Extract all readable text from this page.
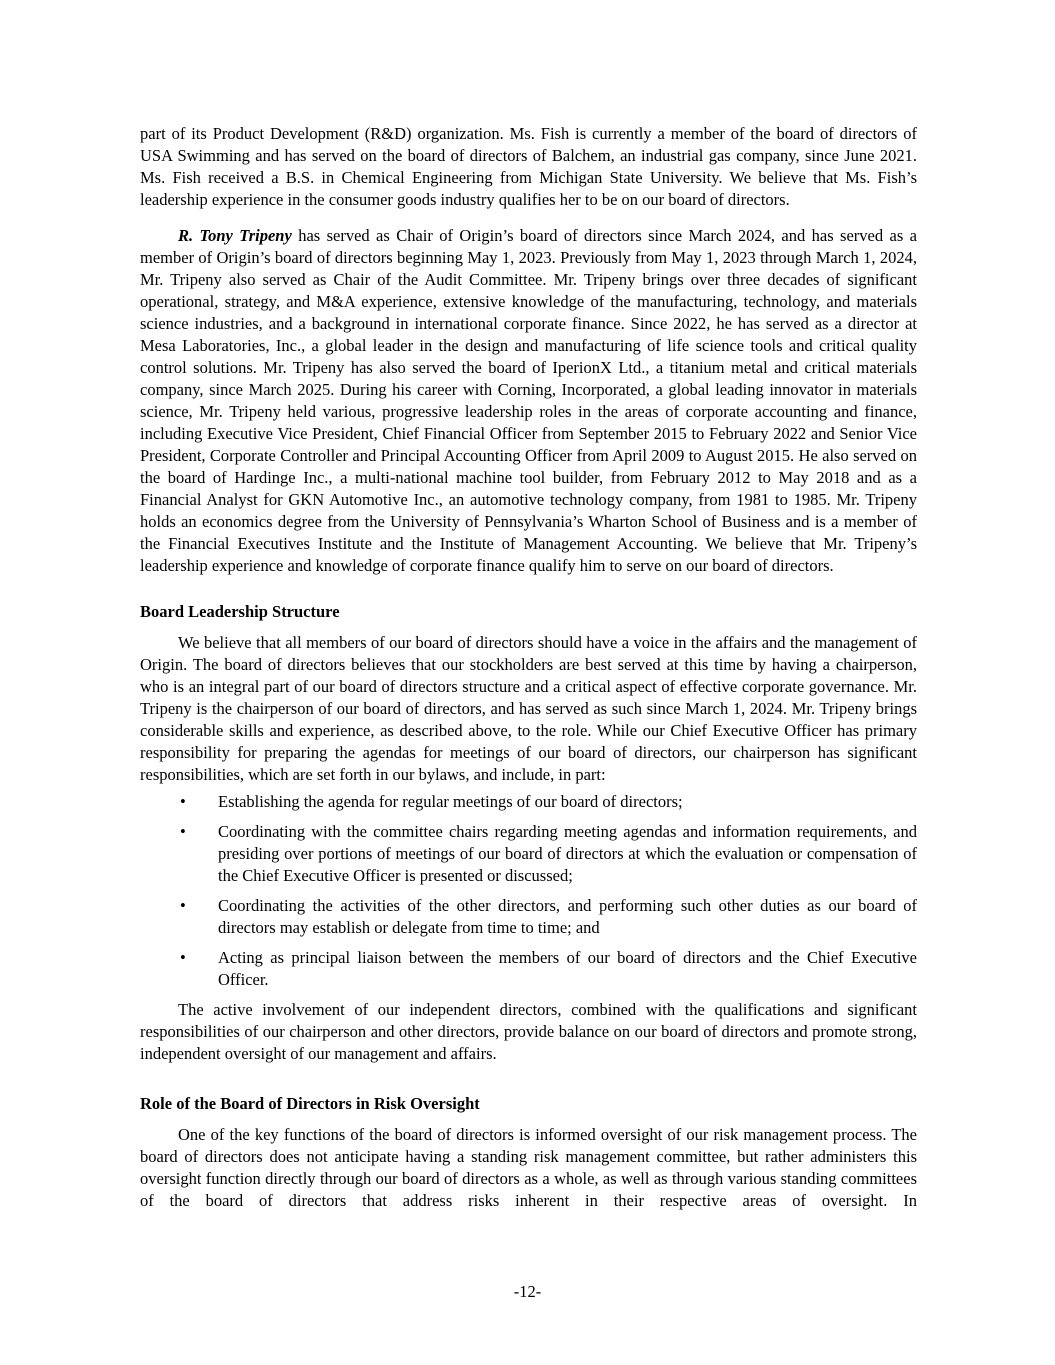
part of its Product Development (R&D) organization. Ms. Fish is currently a member of the board of directors of USA Swimming and has served on the board of directors of Balchem, an industrial gas company, since June 2021. Ms. Fish received a B.S. in Chemical Engineering from Michigan State University. We believe that Ms. Fish’s leadership experience in the consumer goods industry qualifies her to be on our board of directors.

R. Tony Tripeny has served as Chair of Origin’s board of directors since March 2024, and has served as a member of Origin’s board of directors beginning May 1, 2023. Previously from May 1, 2023 through March 1, 2024, Mr. Tripeny also served as Chair of the Audit Committee. Mr. Tripeny brings over three decades of significant operational, strategy, and M&A experience, extensive knowledge of the manufacturing, technology, and materials science industries, and a background in international corporate finance. Since 2022, he has served as a director at Mesa Laboratories, Inc., a global leader in the design and manufacturing of life science tools and critical quality control solutions. Mr. Tripeny has also served the board of IperionX Ltd., a titanium metal and critical materials company, since March 2025. During his career with Corning, Incorporated, a global leading innovator in materials science, Mr. Tripeny held various, progressive leadership roles in the areas of corporate accounting and finance, including Executive Vice President, Chief Financial Officer from September 2015 to February 2022 and Senior Vice President, Corporate Controller and Principal Accounting Officer from April 2009 to August 2015. He also served on the board of Hardinge Inc., a multi-national machine tool builder, from February 2012 to May 2018 and as a Financial Analyst for GKN Automotive Inc., an automotive technology company, from 1981 to 1985. Mr. Tripeny holds an economics degree from the University of Pennsylvania’s Wharton School of Business and is a member of the Financial Executives Institute and the Institute of Management Accounting. We believe that Mr. Tripeny’s leadership experience and knowledge of corporate finance qualify him to serve on our board of directors.

Board Leadership Structure

We believe that all members of our board of directors should have a voice in the affairs and the management of Origin. The board of directors believes that our stockholders are best served at this time by having a chairperson, who is an integral part of our board of directors structure and a critical aspect of effective corporate governance. Mr. Tripeny is the chairperson of our board of directors, and has served as such since March 1, 2024. Mr. Tripeny brings considerable skills and experience, as described above, to the role. While our Chief Executive Officer has primary responsibility for preparing the agendas for meetings of our board of directors, our chairperson has significant responsibilities, which are set forth in our bylaws, and include, in part:

•	Establishing the agenda for regular meetings of our board of directors;
•	Coordinating with the committee chairs regarding meeting agendas and information requirements, and presiding over portions of meetings of our board of directors at which the evaluation or compensation of the Chief Executive Officer is presented or discussed;
•	Coordinating the activities of the other directors, and performing such other duties as our board of directors may establish or delegate from time to time; and
•	Acting as principal liaison between the members of our board of directors and the Chief Executive Officer.

The active involvement of our independent directors, combined with the qualifications and significant responsibilities of our chairperson and other directors, provide balance on our board of directors and promote strong, independent oversight of our management and affairs.

Role of the Board of Directors in Risk Oversight

One of the key functions of the board of directors is informed oversight of our risk management process. The board of directors does not anticipate having a standing risk management committee, but rather administers this oversight function directly through our board of directors as a whole, as well as through various standing committees of the board of directors that address risks inherent in their respective areas of oversight. In

-12-
